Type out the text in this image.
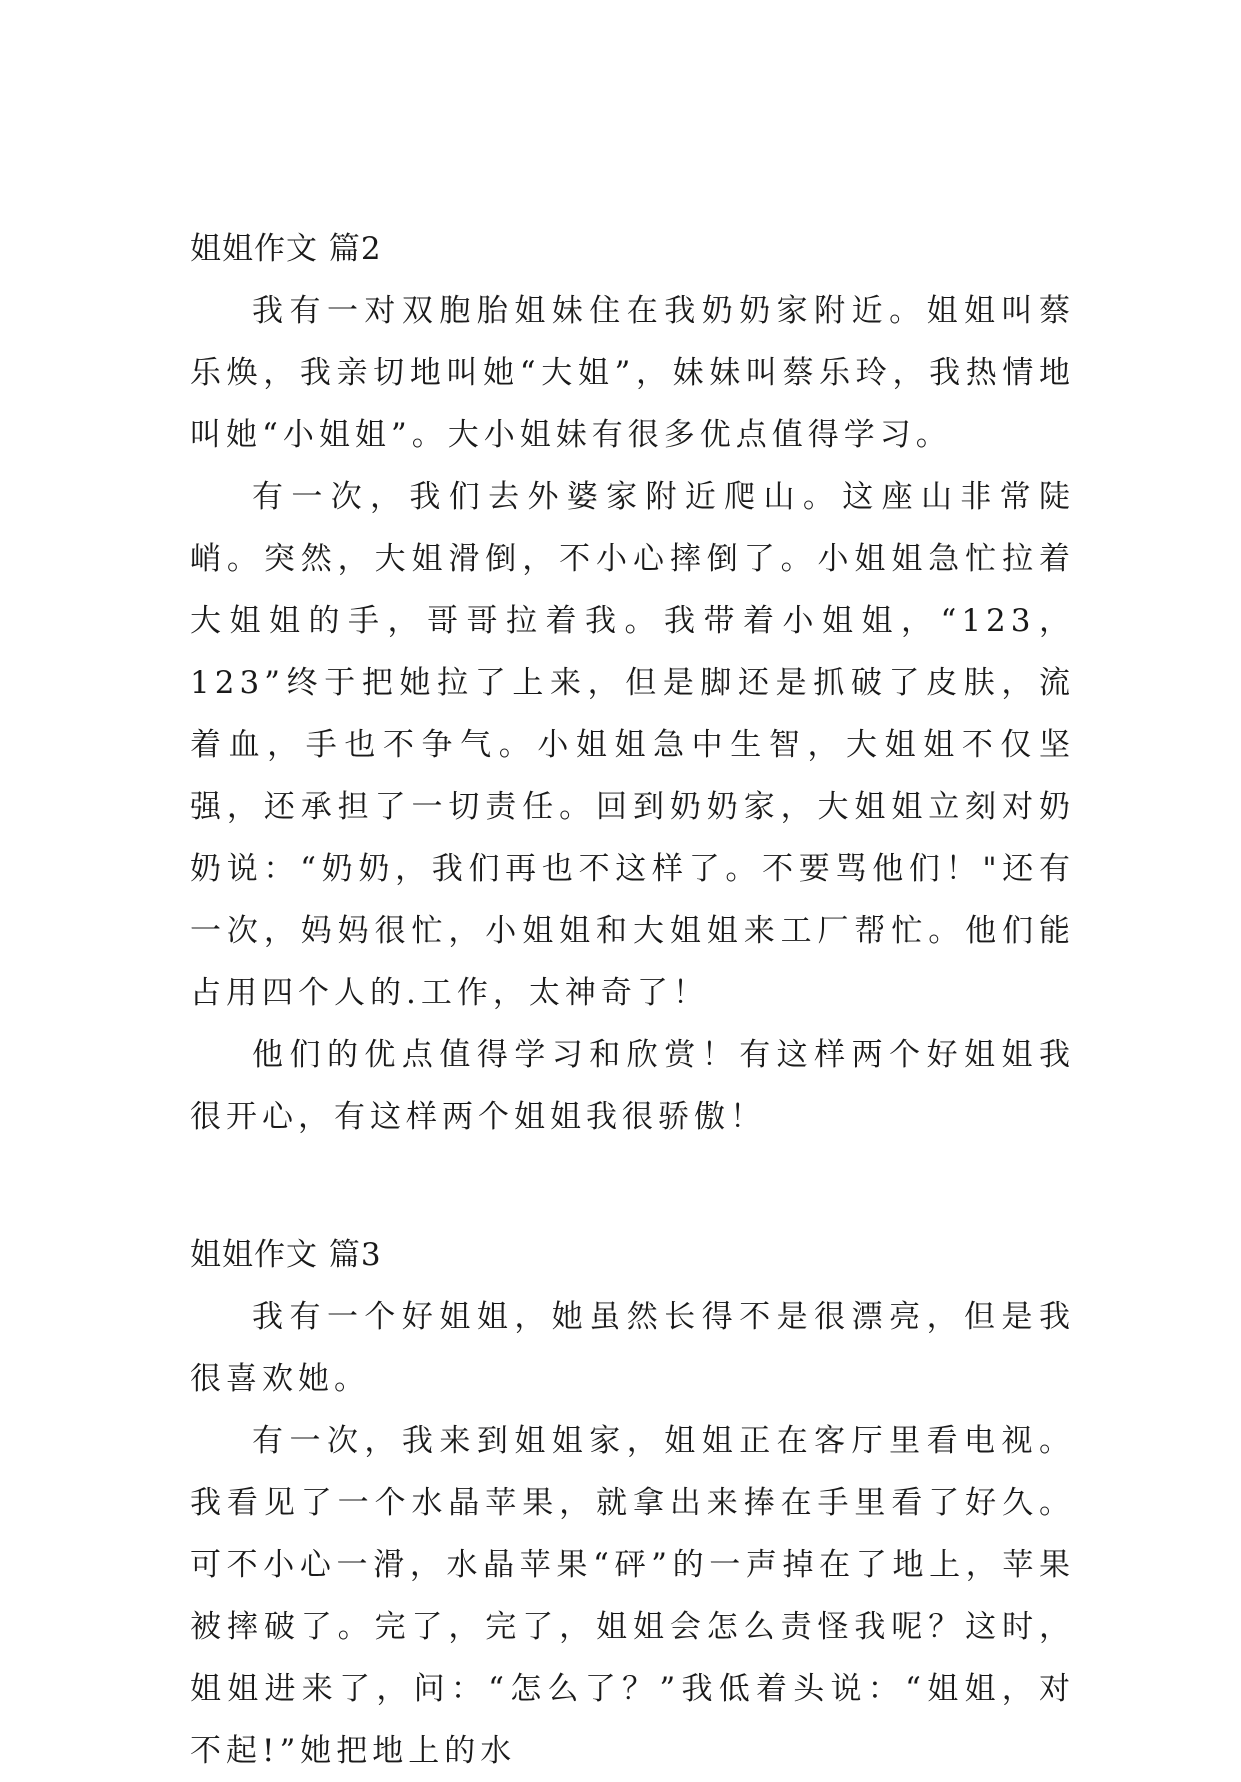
姐姐作文 篇2

我有一对双胞胎姐妹住在我奶奶家附近。姐姐叫蔡乐焕，我亲切地叫她“大姐”，妹妹叫蔡乐玲，我热情地叫她“小姐姐”。大小姐妹有很多优点值得学习。

有一次，我们去外婆家附近爬山。这座山非常陡峭。突然，大姐滑倒，不小心摔倒了。小姐姐急忙拉着大姐姐的手，哥哥拉着我。我带着小姐姐，“123，123”终于把她拉了上来，但是脚还是抓破了皮肤，流着血，手也不争气。小姐姐急中生智，大姐姐不仅坚强，还承担了一切责任。回到奶奶家，大姐姐立刻对奶奶说：“奶奶，我们再也不这样了。不要骂他们！"还有一次，妈妈很忙，小姐姐和大姐姐来工厂帮忙。他们能占用四个人的.工作，太神奇了！

他们的优点值得学习和欣赏！有这样两个好姐姐我很开心，有这样两个姐姐我很骄傲！

姐姐作文 篇3

我有一个好姐姐，她虽然长得不是很漂亮，但是我很喜欢她。

有一次，我来到姐姐家，姐姐正在客厅里看电视。我看见了一个水晶苹果，就拿出来捧在手里看了好久。可不小心一滑，水晶苹果“砰”的一声掉在了地上，苹果被摔破了。完了，完了，姐姐会怎么责怪我呢？这时，姐姐进来了，问：“怎么了？”我低着头说：“姐姐，对不起!”她把地上的水
